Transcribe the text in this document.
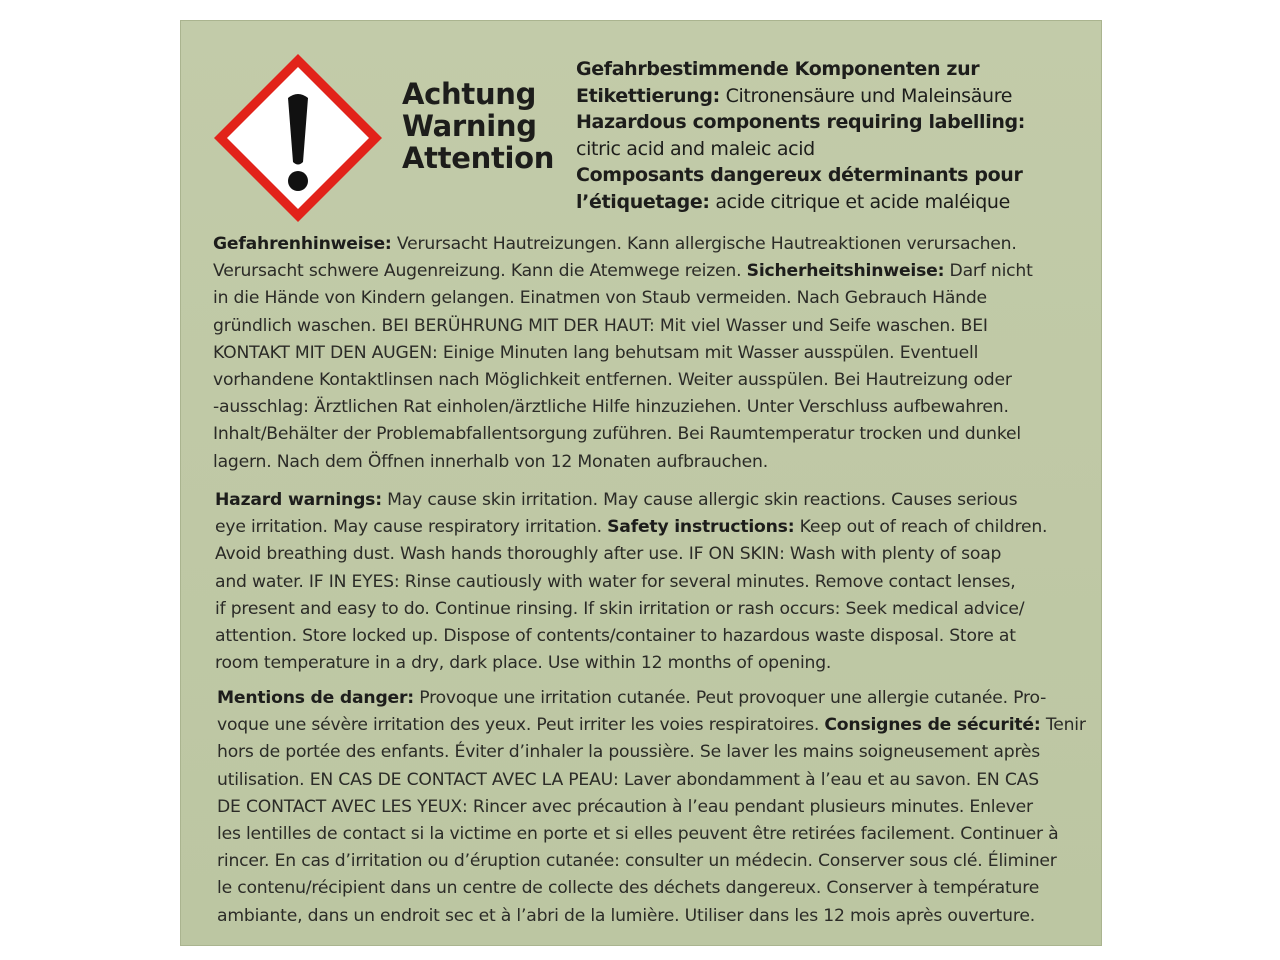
Achtung
Warning
Attention
Gefahrbestimmende Komponenten zur
Etikettierung: Citronensäure und Maleinsäure
Hazardous components requiring labelling:
citric acid and maleic acid
Composants dangereux déterminants pour
l’étiquetage: acide citrique et acide maléique
Gefahrenhinweise: Verursacht Hautreizungen. Kann allergische Hautreaktionen verursachen.
Verursacht schwere Augenreizung. Kann die Atemwege reizen. Sicherheitshinweise: Darf nicht
in die Hände von Kindern gelangen. Einatmen von Staub vermeiden. Nach Gebrauch Hände
gründlich waschen. BEI BERÜHRUNG MIT DER HAUT: Mit viel Wasser und Seife waschen. BEI
KONTAKT MIT DEN AUGEN: Einige Minuten lang behutsam mit Wasser ausspülen. Eventuell
vorhandene Kontaktlinsen nach Möglichkeit entfernen. Weiter ausspülen. Bei Hautreizung oder
-ausschlag: Ärztlichen Rat einholen/ärztliche Hilfe hinzuziehen. Unter Verschluss aufbewahren.
Inhalt/Behälter der Problemabfallentsorgung zuführen. Bei Raumtemperatur trocken und dunkel
lagern. Nach dem Öffnen innerhalb von 12 Monaten aufbrauchen.
Hazard warnings: May cause skin irritation. May cause allergic skin reactions. Causes serious
eye irritation. May cause respiratory irritation. Safety instructions: Keep out of reach of children.
Avoid breathing dust. Wash hands thoroughly after use. IF ON SKIN: Wash with plenty of soap
and water. IF IN EYES: Rinse cautiously with water for several minutes. Remove contact lenses,
if present and easy to do. Continue rinsing. If skin irritation or rash occurs: Seek medical advice/
attention. Store locked up. Dispose of contents/container to hazardous waste disposal. Store at
room temperature in a dry, dark place. Use within 12 months of opening.
Mentions de danger: Provoque une irritation cutanée. Peut provoquer une allergie cutanée. Pro-
voque une sévère irritation des yeux. Peut irriter les voies respiratoires. Consignes de sécurité: Tenir
hors de portée des enfants. Éviter d’inhaler la poussière. Se laver les mains soigneusement après
utilisation. EN CAS DE CONTACT AVEC LA PEAU: Laver abondamment à l’eau et au savon. EN CAS
DE CONTACT AVEC LES YEUX: Rincer avec précaution à l’eau pendant plusieurs minutes. Enlever
les lentilles de contact si la victime en porte et si elles peuvent être retirées facilement. Continuer à
rincer. En cas d’irritation ou d’éruption cutanée: consulter un médecin. Conserver sous clé. Éliminer
le contenu/récipient dans un centre de collecte des déchets dangereux. Conserver à température
ambiante, dans un endroit sec et à l’abri de la lumière. Utiliser dans les 12 mois après ouverture.
